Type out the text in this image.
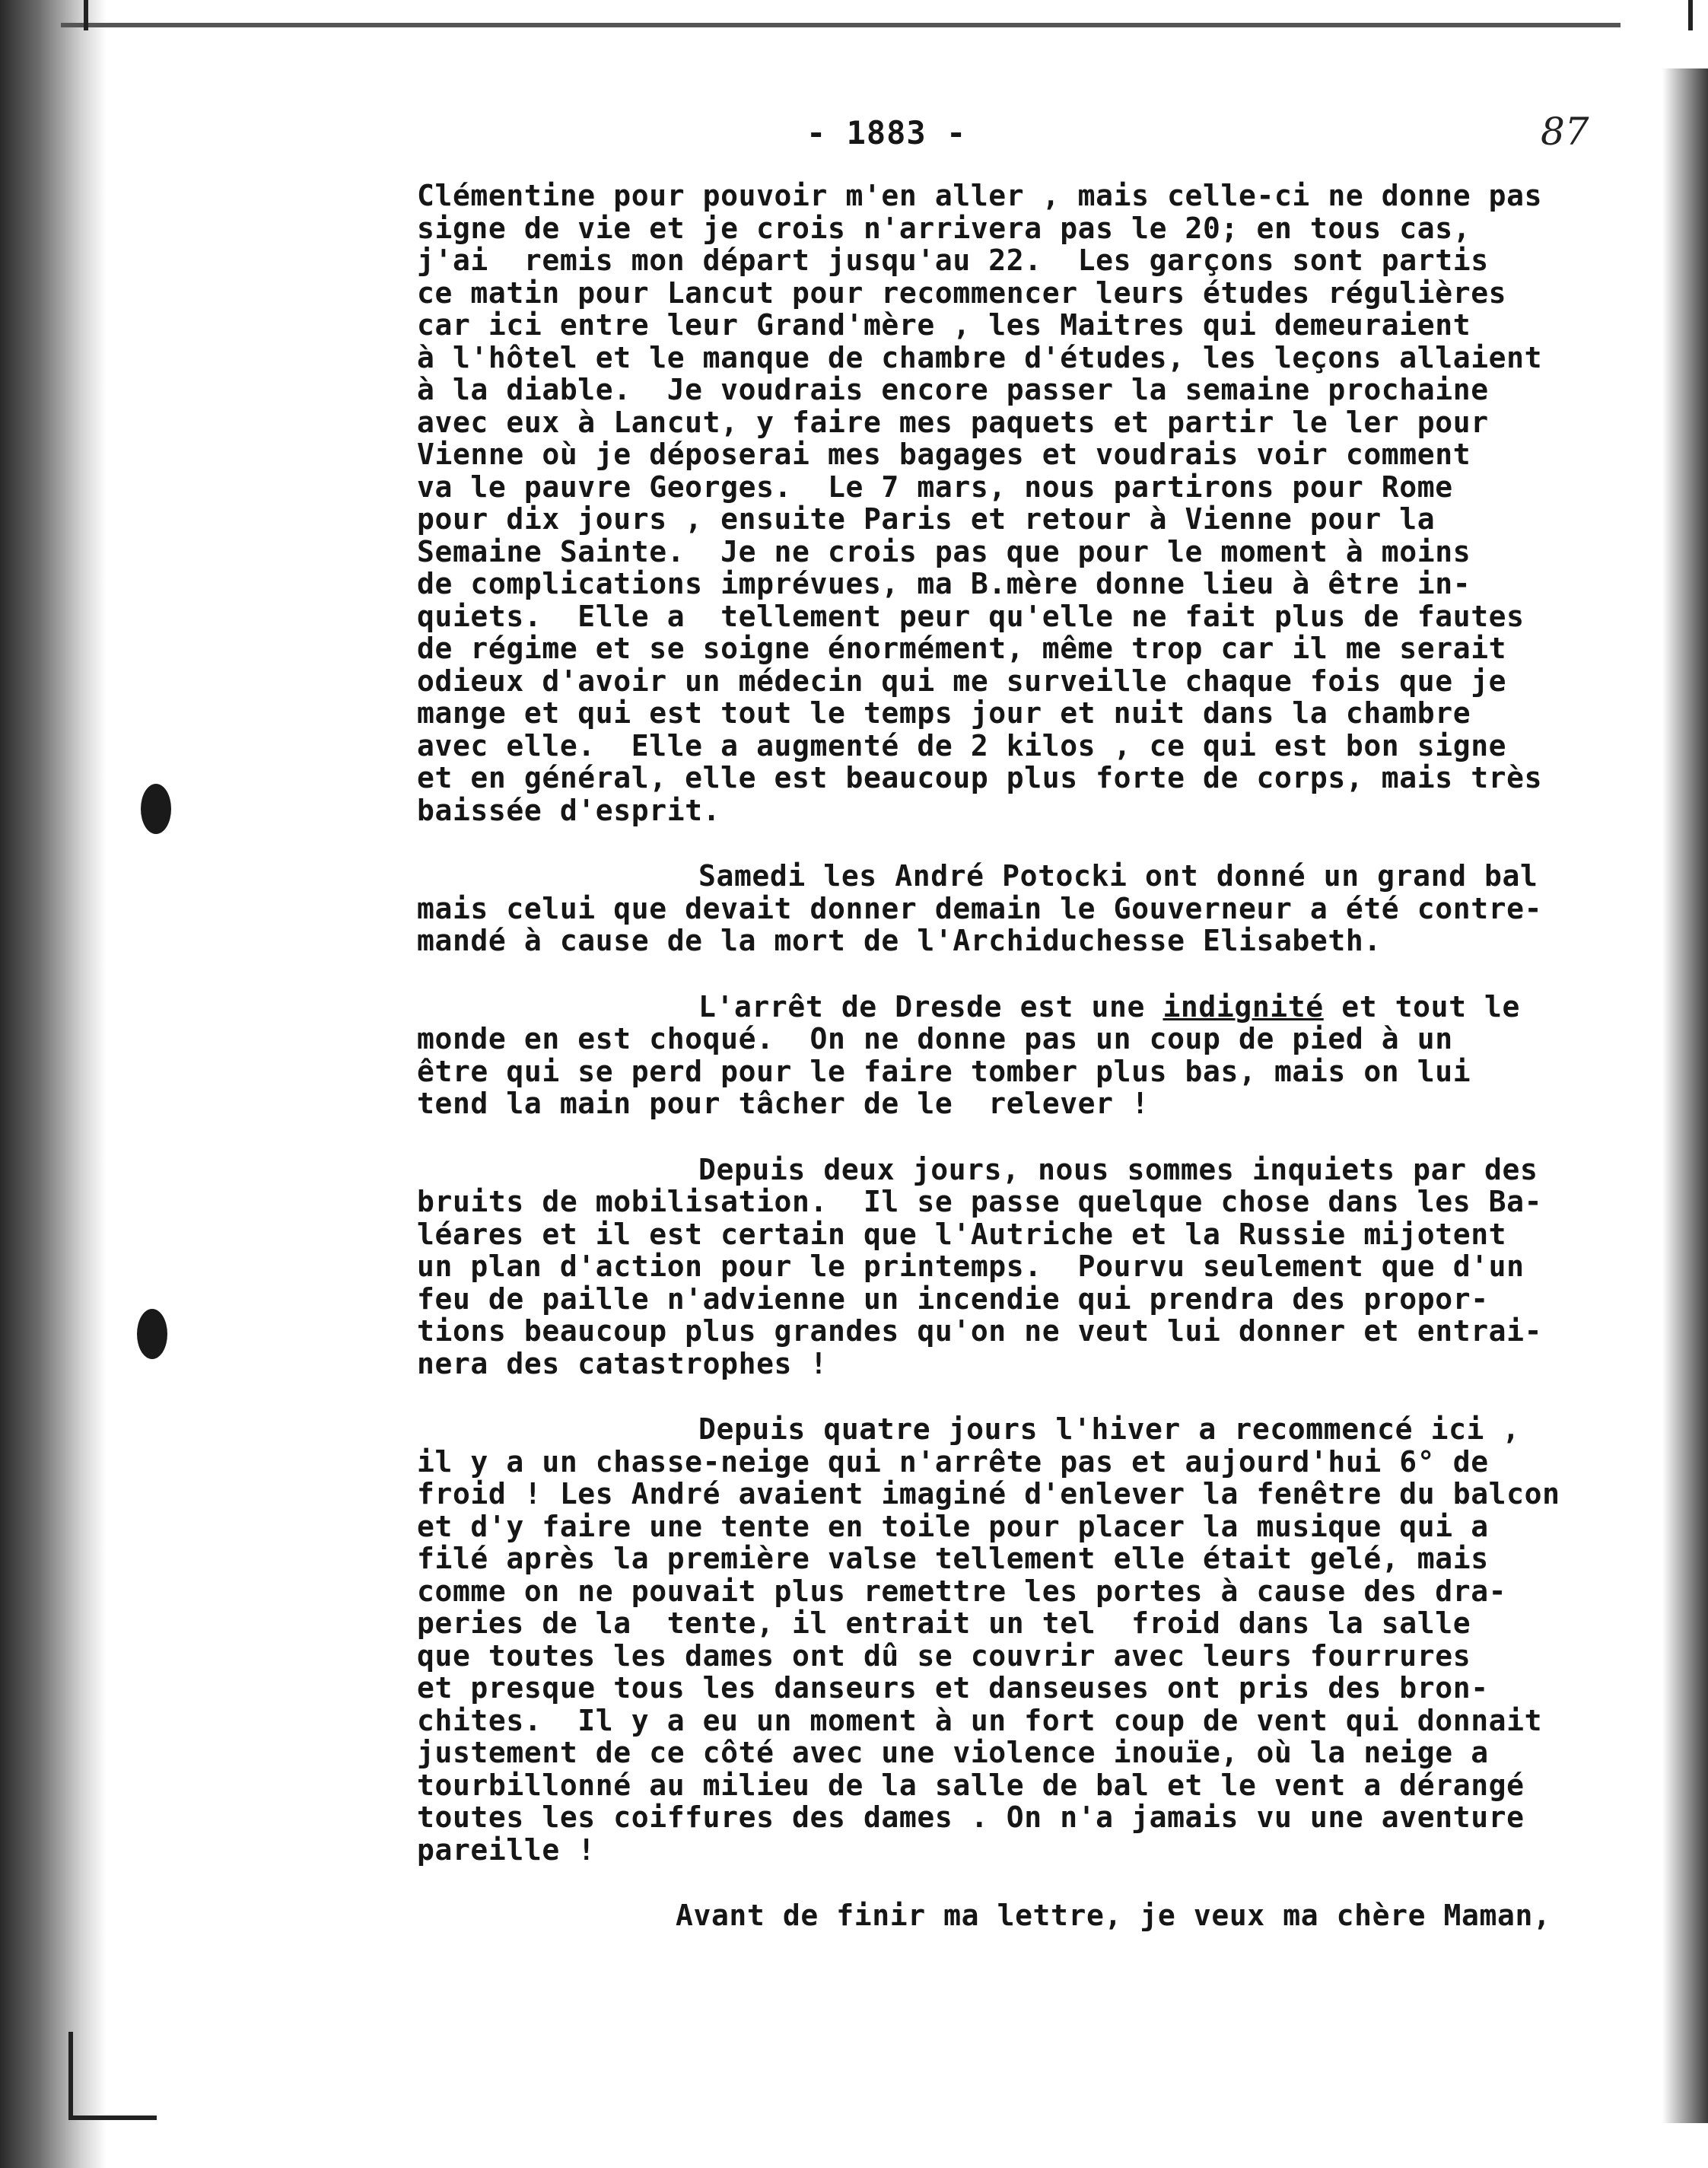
- 1883 -	87
Clémentine pour pouvoir m'en aller , mais celle-ci ne donne pas
signe de vie et je crois n'arrivera pas le 20; en tous cas,
j'ai  remis mon départ jusqu'au 22.  Les garçons sont partis
ce matin pour Lancut pour recommencer leurs études régulières
car ici entre leur Grand'mère , les Maitres qui demeuraient
à l'hôtel et le manque de chambre d'études, les leçons allaient
à la diable.  Je voudrais encore passer la semaine prochaine
avec eux à Lancut, y faire mes paquets et partir le ler pour
Vienne où je déposerai mes bagages et voudrais voir comment
va le pauvre Georges.  Le 7 mars, nous partirons pour Rome
pour dix jours , ensuite Paris et retour à Vienne pour la
Semaine Sainte.  Je ne crois pas que pour le moment à moins
de complications imprévues, ma B.mère donne lieu à être in-
quiets.  Elle a  tellement peur qu'elle ne fait plus de fautes
de régime et se soigne énormément, même trop car il me serait
odieux d'avoir un médecin qui me surveille chaque fois que je
mange et qui est tout le temps jour et nuit dans la chambre
avec elle.  Elle a augmenté de 2 kilos , ce qui est bon signe
et en général, elle est beaucoup plus forte de corps, mais très
baissée d'esprit.
Samedi les André Potocki ont donné un grand bal
mais celui que devait donner demain le Gouverneur a été contre-
mandé à cause de la mort de l'Archiduchesse Elisabeth.
L'arrêt de Dresde est une indignité et tout le
monde en est choqué.  On ne donne pas un coup de pied à un
être qui se perd pour le faire tomber plus bas, mais on lui
tend la main pour tâcher de le  relever !
Depuis deux jours, nous sommes inquiets par des
bruits de mobilisation.  Il se passe quelque chose dans les Ba-
léares et il est certain que l'Autriche et la Russie mijotent
un plan d'action pour le printemps.  Pourvu seulement que d'un
feu de paille n'advienne un incendie qui prendra des propor-
tions beaucoup plus grandes qu'on ne veut lui donner et entrai-
nera des catastrophes !
Depuis quatre jours l'hiver a recommencé ici ,
il y a un chasse-neige qui n'arrête pas et aujourd'hui 6° de
froid ! Les André avaient imaginé d'enlever la fenêtre du balcon
et d'y faire une tente en toile pour placer la musique qui a
filé après la première valse tellement elle était gelé, mais
comme on ne pouvait plus remettre les portes à cause des dra-
peries de la  tente, il entrait un tel  froid dans la salle
que toutes les dames ont dû se couvrir avec leurs fourrures
et presque tous les danseurs et danseuses ont pris des bron-
chites.  Il y a eu un moment à un fort coup de vent qui donnait
justement de ce côté avec une violence inouïe, où la neige a
tourbillonné au milieu de la salle de bal et le vent a dérangé
toutes les coiffures des dames . On n'a jamais vu une aventure
pareille !
Avant de finir ma lettre, je veux ma chère Maman,
